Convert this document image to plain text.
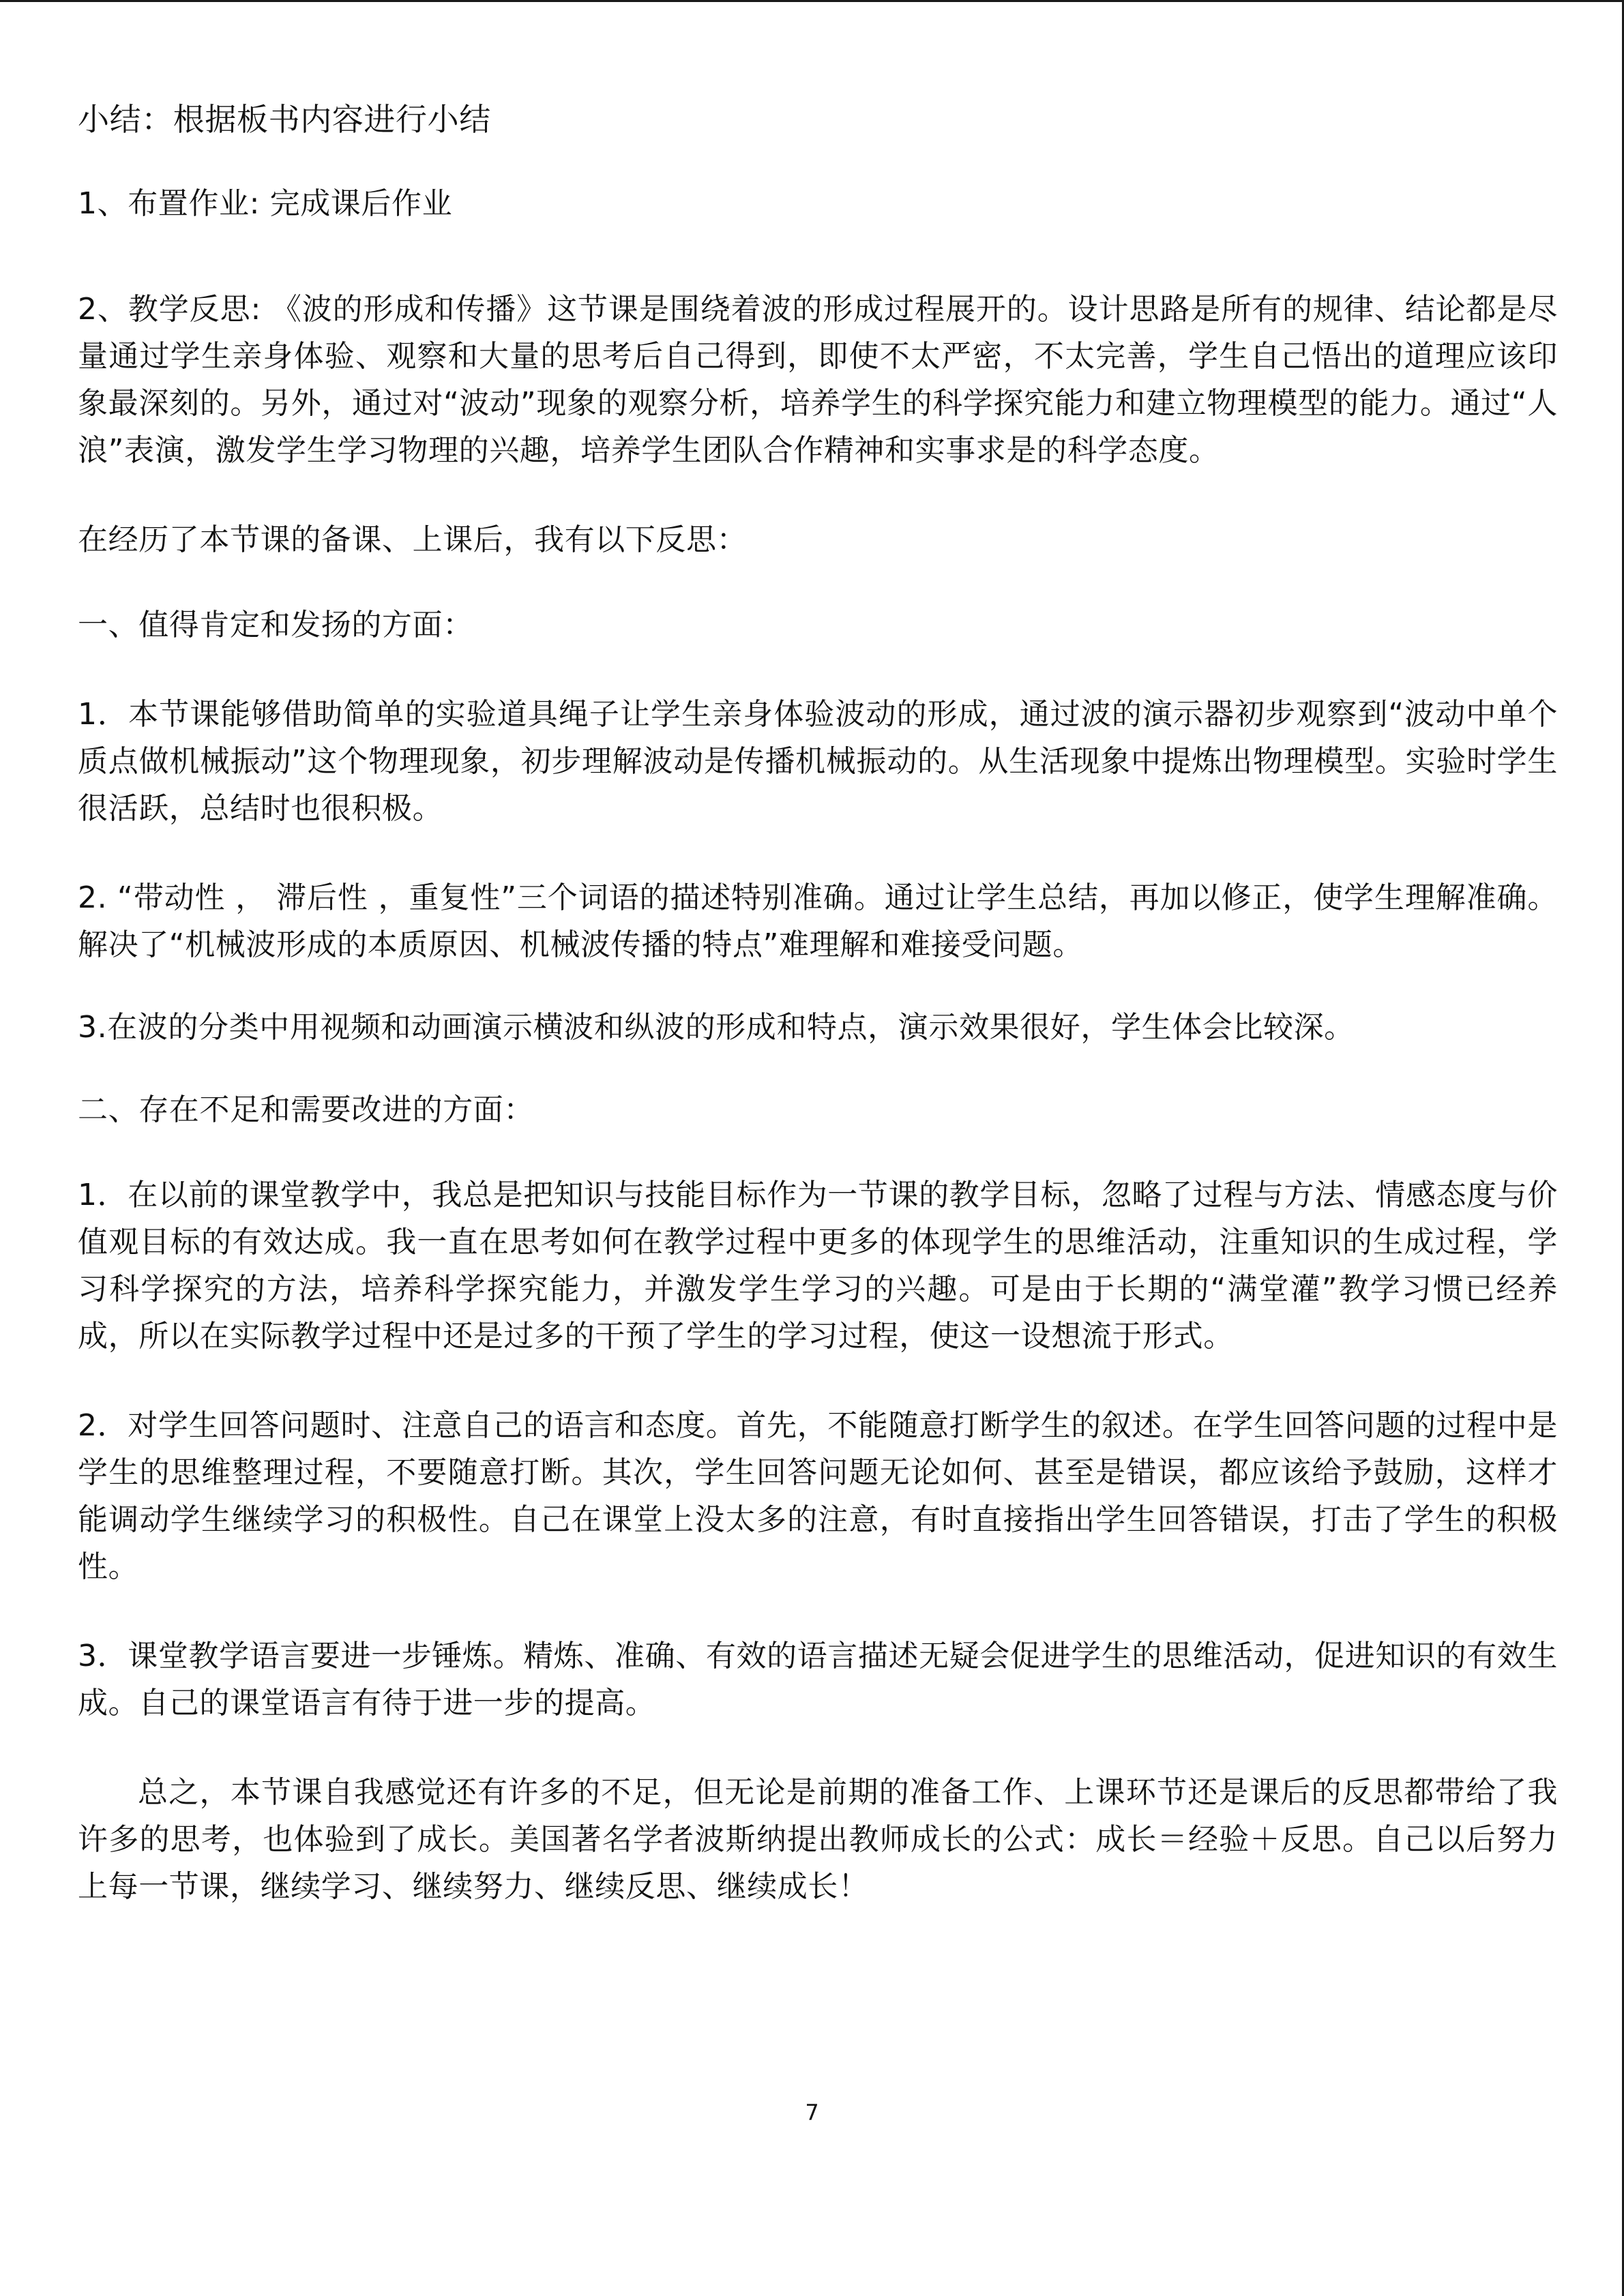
小结：根据板书内容进行小结

1、布置作业: 完成课后作业

2、教学反思: 《波的形成和传播》这节课是围绕着波的形成过程展开的。设计思路是所有的规律、结论都是尽量通过学生亲身体验、观察和大量的思考后自己得到，即使不太严密，不太完善，学生自己悟出的道理应该印象最深刻的。另外，通过对“波动”现象的观察分析，培养学生的科学探究能力和建立物理模型的能力。通过“人浪”表演，激发学生学习物理的兴趣，培养学生团队合作精神和实事求是的科学态度。

在经历了本节课的备课、上课后，我有以下反思：

一、值得肯定和发扬的方面：

1．本节课能够借助简单的实验道具绳子让学生亲身体验波动的形成，通过波的演示器初步观察到“波动中单个质点做机械振动”这个物理现象，初步理解波动是传播机械振动的。从生活现象中提炼出物理模型。实验时学生很活跃，总结时也很积极。

2. “带动性 ， 滞后性 ，重复性”三个词语的描述特别准确。通过让学生总结，再加以修正，使学生理解准确。解决了“机械波形成的本质原因、机械波传播的特点”难理解和难接受问题。

3.在波的分类中用视频和动画演示横波和纵波的形成和特点，演示效果很好，学生体会比较深。

二、存在不足和需要改进的方面：

1．在以前的课堂教学中，我总是把知识与技能目标作为一节课的教学目标，忽略了过程与方法、情感态度与价值观目标的有效达成。我一直在思考如何在教学过程中更多的体现学生的思维活动，注重知识的生成过程，学习科学探究的方法，培养科学探究能力，并激发学生学习的兴趣。可是由于长期的“满堂灌”教学习惯已经养成，所以在实际教学过程中还是过多的干预了学生的学习过程，使这一设想流于形式。

2．对学生回答问题时、注意自己的语言和态度。首先，不能随意打断学生的叙述。在学生回答问题的过程中是学生的思维整理过程，不要随意打断。其次，学生回答问题无论如何、甚至是错误，都应该给予鼓励，这样才能调动学生继续学习的积极性。自己在课堂上没太多的注意，有时直接指出学生回答错误，打击了学生的积极性。

3．课堂教学语言要进一步锤炼。精炼、准确、有效的语言描述无疑会促进学生的思维活动，促进知识的有效生成。自己的课堂语言有待于进一步的提高。

总之，本节课自我感觉还有许多的不足，但无论是前期的准备工作、上课环节还是课后的反思都带给了我许多的思考，也体验到了成长。美国著名学者波斯纳提出教师成长的公式：成长＝经验＋反思。自己以后努力上每一节课，继续学习、继续努力、继续反思、继续成长！

7
